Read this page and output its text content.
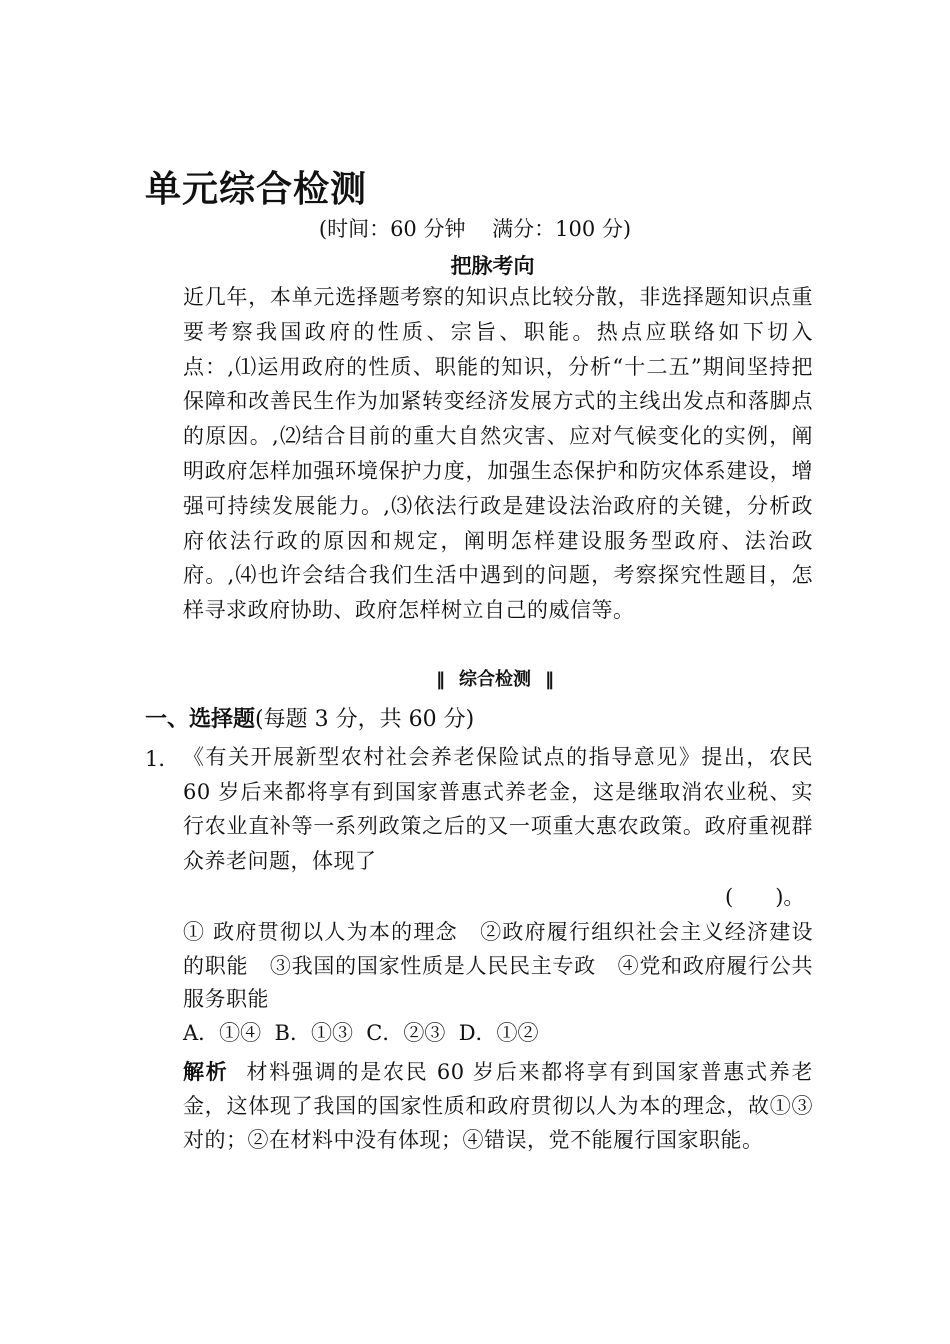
单元综合检测
(时间：60 分钟    满分：100 分)
把脉考向
近几年，本单元选择题考察的知识点比较分散，非选择题知识点重要考察我国政府的性质、宗旨、职能。热点应联络如下切入点：,⑴运用政府的性质、职能的知识，分析“十二五”期间坚持把保障和改善民生作为加紧转变经济发展方式的主线出发点和落脚点的原因。,⑵结合目前的重大自然灾害、应对气候变化的实例，阐明政府怎样加强环境保护力度，加强生态保护和防灾体系建设，增强可持续发展能力。,⑶依法行政是建设法治政府的关键，分析政府依法行政的原因和规定，阐明怎样建设服务型政府、法治政府。,⑷也许会结合我们生活中遇到的问题，考察探究性题目，怎样寻求政府协助、政府怎样树立自己的威信等。
‖ 综合检测 ‖
一、选择题(每题 3 分，共 60 分)
1． 《有关开展新型农村社会养老保险试点的指导意见》提出，农民 60 岁后来都将享有到国家普惠式养老金，这是继取消农业税、实行农业直补等一系列政策之后的又一项重大惠农政策。政府重视群众养老问题，体现了
(　　)。
① 政府贯彻以人为本的理念　②政府履行组织社会主义经济建设的职能　③我国的国家性质是人民民主专政　④党和政府履行公共服务职能
A．①④  B．①③  C．②③  D．①②
解析 材料强调的是农民 60 岁后来都将享有到国家普惠式养老金，这体现了我国的国家性质和政府贯彻以人为本的理念，故①③对的；②在材料中没有体现；④错误，党不能履行国家职能。
